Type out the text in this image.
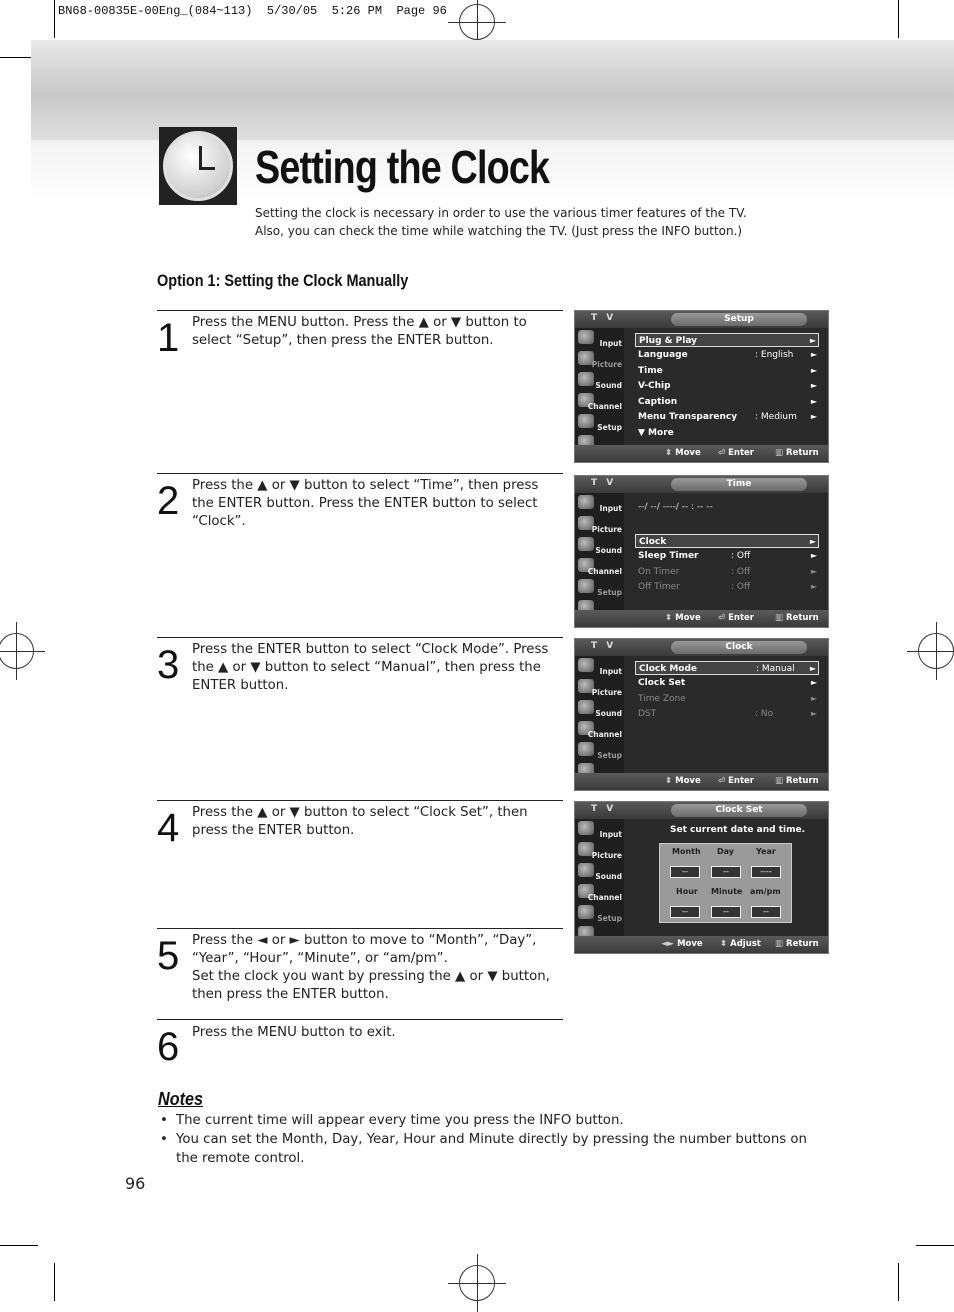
BN68-00835E-00Eng_(084~113)  5/30/05  5:26 PM  Page 96
Setting the Clock
Setting the clock is necessary in order to use the various timer features of the TV.
Also, you can check the time while watching the TV. (Just press the INFO button.)
Option 1: Setting the Clock Manually
1 Press the MENU button. Press the ▲ or ▼ button to select “Setup”, then press the ENTER button.
2 Press the ▲ or ▼ button to select “Time”, then press the ENTER button. Press the ENTER button to select “Clock”.
3 Press the ENTER button to select “Clock Mode”. Press the ▲ or ▼ button to select “Manual”, then press the ENTER button.
4 Press the ▲ or ▼ button to select “Clock Set”, then press the ENTER button.
5 Press the ◄ or ► button to move to “Month”, “Day”, “Year”, “Hour”, “Minute”, or “am/pm”.
Set the clock you want by pressing the ▲ or ▼ button, then press the ENTER button.
6 Press the MENU button to exit.
T V	Setup
Input
Picture
Sound
Channel
Setup
Plug & Play	►
Language	: English ►
Time	►
V-Chip	►
Caption	►
Menu Transparency : Medium ►
▼ More
⬍ Move ⏎ Enter ▥ Return
T V	Time
Input
Picture
Sound
Channel
Setup
--/ --/ ----/ -- : -- --
Clock	►
Sleep Timer	: Off	►
On Timer	: Off	►
Off Timer	: Off	►
⬍ Move ⏎ Enter ▥ Return
T V	Clock
Input
Picture
Sound
Channel
Setup
Clock Mode	: Manual ►
Clock Set	►
Time Zone	►
DST	: No	►
⬍ Move ⏎ Enter ▥ Return
T V	Clock Set
Input
Picture
Sound
Channel
Setup
Set current date and time.
Month Day	Year
--	--	----
Hour Minute am/pm
--	--	--
◄► Move ⬍ Adjust ▥ Return
Notes
• The current time will appear every time you press the INFO button.
• You can set the Month, Day, Year, Hour and Minute directly by pressing the number buttons on the remote control.
96
